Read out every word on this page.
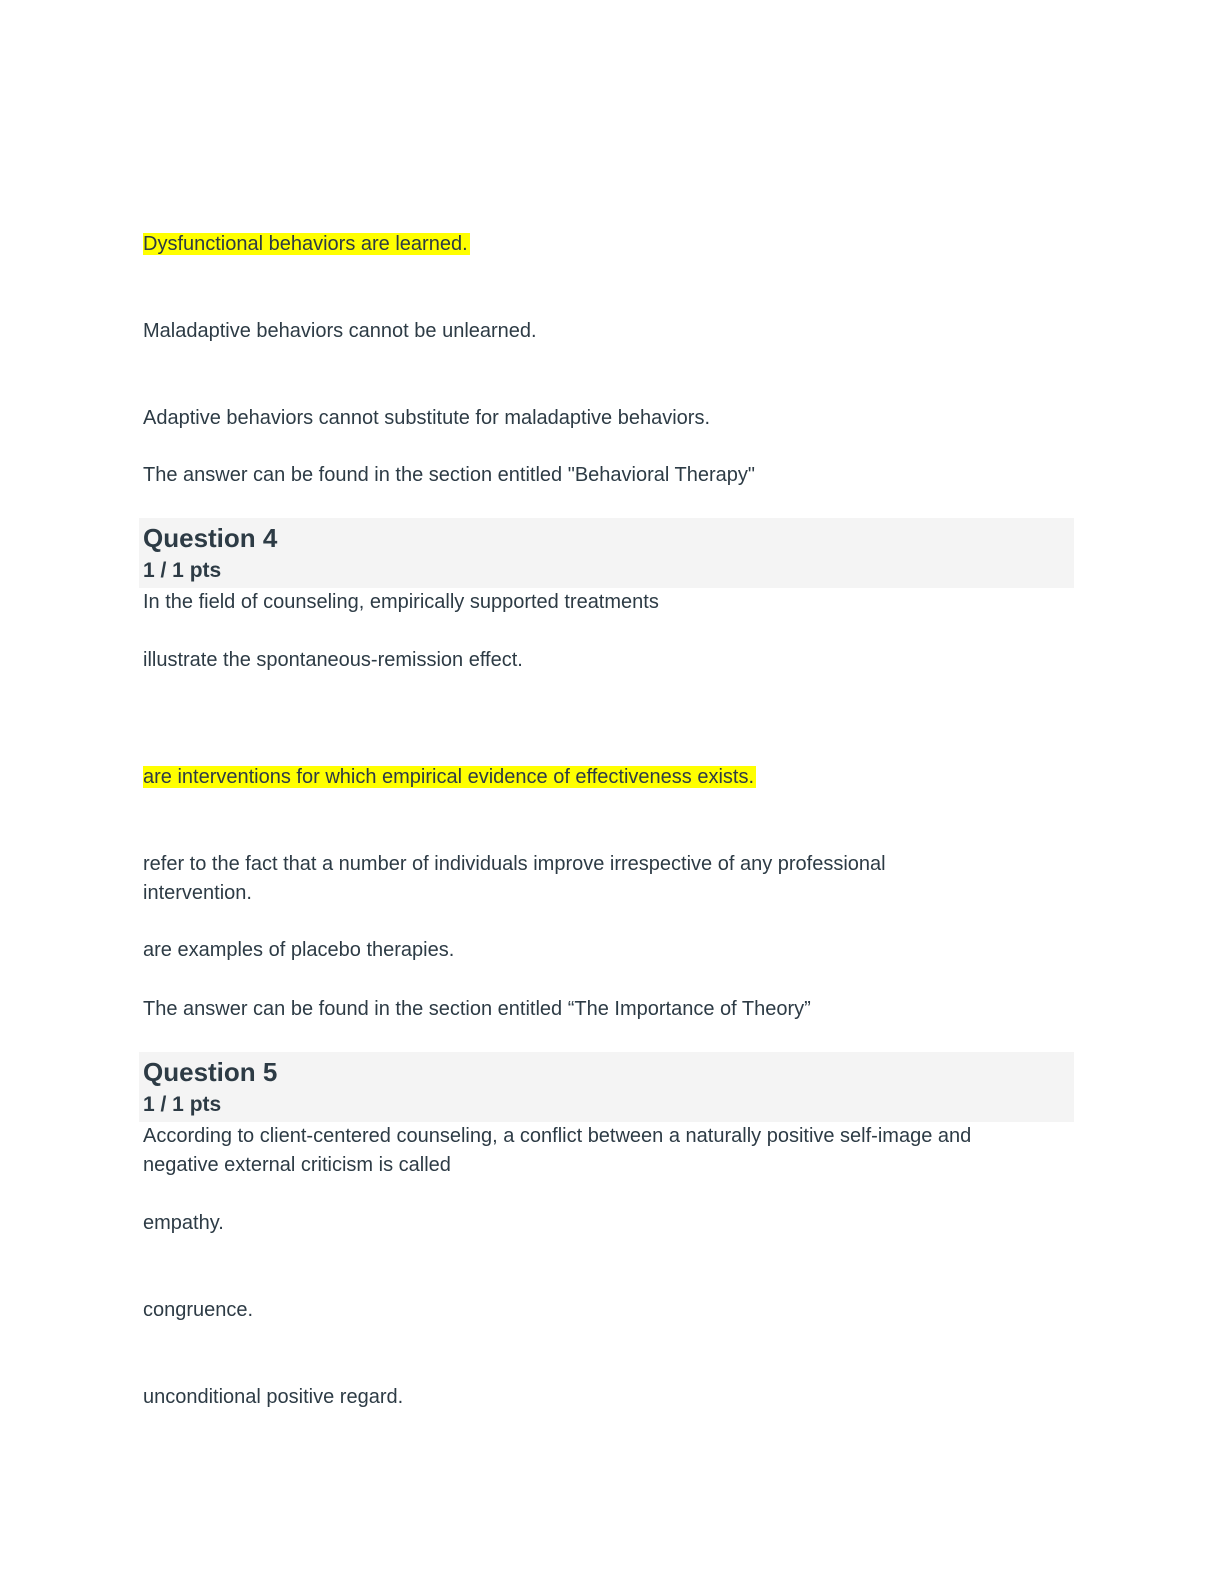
Dysfunctional behaviors are learned.

Maladaptive behaviors cannot be unlearned.

Adaptive behaviors cannot substitute for maladaptive behaviors.

The answer can be found in the section entitled "Behavioral Therapy"

Question 4

1 / 1 pts

In the field of counseling, empirically supported treatments

illustrate the spontaneous-remission effect.

are interventions for which empirical evidence of effectiveness exists.

refer to the fact that a number of individuals improve irrespective of any professional

intervention.

are examples of placebo therapies.

The answer can be found in the section entitled “The Importance of Theory”

Question 5

1 / 1 pts

According to client-centered counseling, a conflict between a naturally positive self-image and

negative external criticism is called

empathy.

congruence.

unconditional positive regard.
